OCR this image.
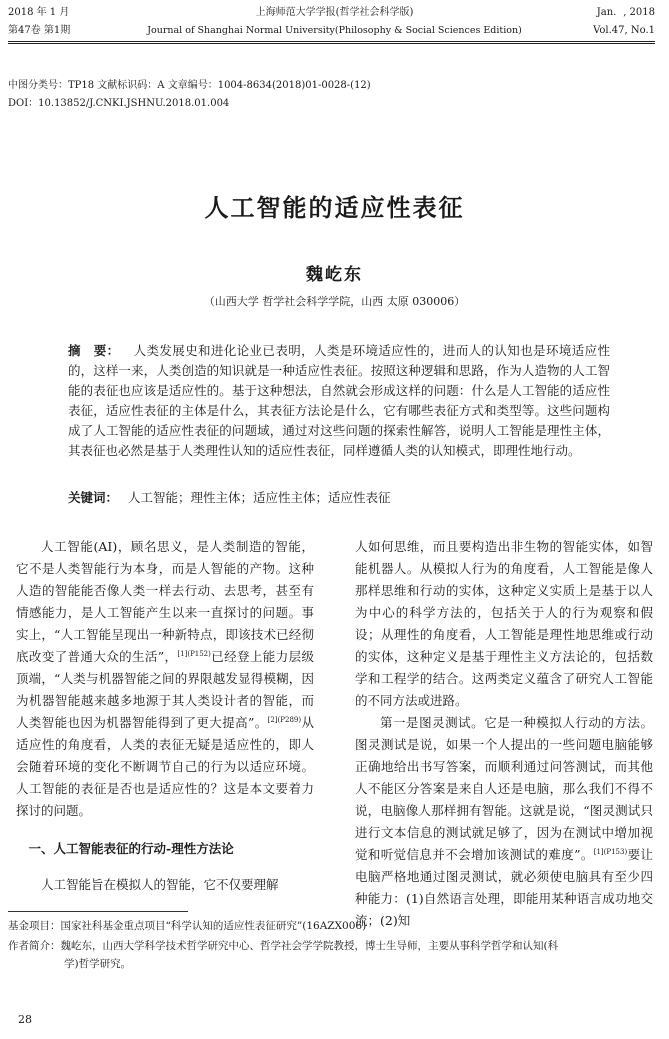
2018 年 1 月	上海师范大学学报(哲学社会科学版)	Jan．, 2018
第47卷 第1期	Journal of Shanghai Normal University(Philosophy & Social Sciences Edition)	Vol.47, No.1
中图分类号：TP18 文献标识码：A 文章编号：1004-8634(2018)01-0028-(12)
DOI：10.13852/J.CNKI.JSHNU.2018.01.004
人工智能的适应性表征
魏屹东
（山西大学 哲学社会科学学院，山西 太原 030006）
摘　要： 人类发展史和进化论业已表明，人类是环境适应性的，进而人的认知也是环境适应性的，这样一来，人类创造的知识就是一种适应性表征。按照这种逻辑和思路，作为人造物的人工智能的表征也应该是适应性的。基于这种想法，自然就会形成这样的问题：什么是人工智能的适应性表征，适应性表征的主体是什么，其表征方法论是什么，它有哪些表征方式和类型等。这些问题构成了人工智能的适应性表征的问题域，通过对这些问题的探索性解答，说明人工智能是理性主体，其表征也必然是基于人类理性认知的适应性表征，同样遵循人类的认知模式，即理性地行动。
关键词： 人工智能；理性主体；适应性主体；适应性表征

人工智能(AI)，顾名思义，是人类制造的智能，它不是人类智能行为本身，而是人智能的产物。这种人造的智能能否像人类一样去行动、去思考，甚至有情感能力，是人工智能产生以来一直探讨的问题。事实上，“人工智能呈现出一种新特点，即该技术已经彻底改变了普通大众的生活”，$^{[1](P152)}$已经登上能力层级顶端，“人类与机器智能之间的界限越发显得模糊，因为机器智能越来越多地源于其人类设计者的智能，而人类智能也因为机器智能得到了更大提高”。$^{[2](P289)}$从适应性的角度看，人类的表征无疑是适应性的，即人会随着环境的变化不断调节自己的行为以适应环境。人工智能的表征是否也是适应性的？这是本文要着力探讨的问题。

一、人工智能表征的行动-理性方法论

人工智能旨在模拟人的智能，它不仅要理解

人如何思维，而且要构造出非生物的智能实体，如智能机器人。从模拟人行为的角度看，人工智能是像人那样思维和行动的实体，这种定义实质上是基于以人为中心的科学方法的，包括关于人的行为观察和假设；从理性的角度看，人工智能是理性地思维或行动的实体，这种定义是基于理性主义方法论的，包括数学和工程学的结合。这两类定义蕴含了研究人工智能的不同方法或进路。

第一是图灵测试。它是一种模拟人行动的方法。图灵测试是说，如果一个人提出的一些问题电脑能够正确地给出书写答案，而顺利通过问答测试，而其他人不能区分答案是来自人还是电脑，那么我们不得不说，电脑像人那样拥有智能。这就是说，“图灵测试只进行文本信息的测试就足够了，因为在测试中增加视觉和听觉信息并不会增加该测试的难度”。$^{[1](P153)}$要让电脑严格地通过图灵测试，就必须使电脑具有至少四种能力：(1)自然语言处理，即能用某种语言成功地交流；(2)知

基金项目：国家社科基金重点项目“科学认知的适应性表征研究”(16AZX006)
作者简介：魏屹东，山西大学科学技术哲学研究中心、哲学社会学学院教授，博士生导师，主要从事科学哲学和认知(科
学)哲学研究。
28
